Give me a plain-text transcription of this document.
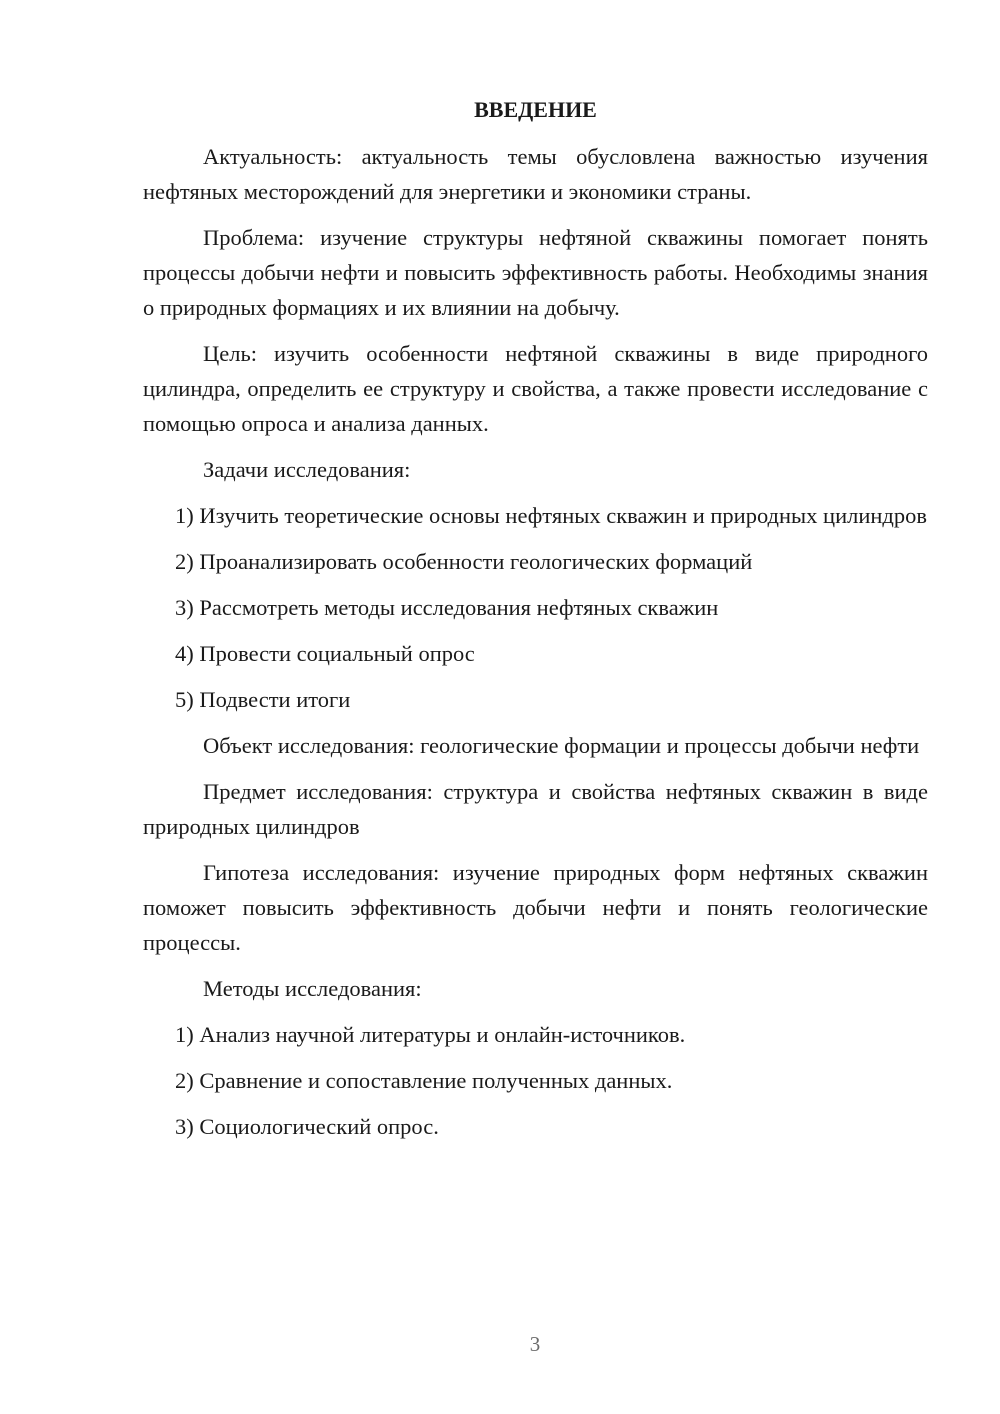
ВВЕДЕНИЕ

Актуальность: актуальность темы обусловлена важностью изучения нефтяных месторождений для энергетики и экономики страны.

Проблема: изучение структуры нефтяной скважины помогает понять процессы добычи нефти и повысить эффективность работы. Необходимы знания о природных формациях и их влиянии на добычу.

Цель: изучить особенности нефтяной скважины в виде природного цилиндра, определить ее структуру и свойства, а также провести исследование с помощью опроса и анализа данных.

Задачи исследования:

1) Изучить теоретические основы нефтяных скважин и природных цилиндров

2) Проанализировать особенности геологических формаций

3) Рассмотреть методы исследования нефтяных скважин

4) Провести социальный опрос

5) Подвести итоги

Объект исследования: геологические формации и процессы добычи нефти

Предмет исследования: структура и свойства нефтяных скважин в виде природных цилиндров

Гипотеза исследования: изучение природных форм нефтяных скважин поможет повысить эффективность добычи нефти и понять геологические процессы.

Методы исследования:

1) Анализ научной литературы и онлайн-источников.

2) Сравнение и сопоставление полученных данных.

3) Социологический опрос.

3
